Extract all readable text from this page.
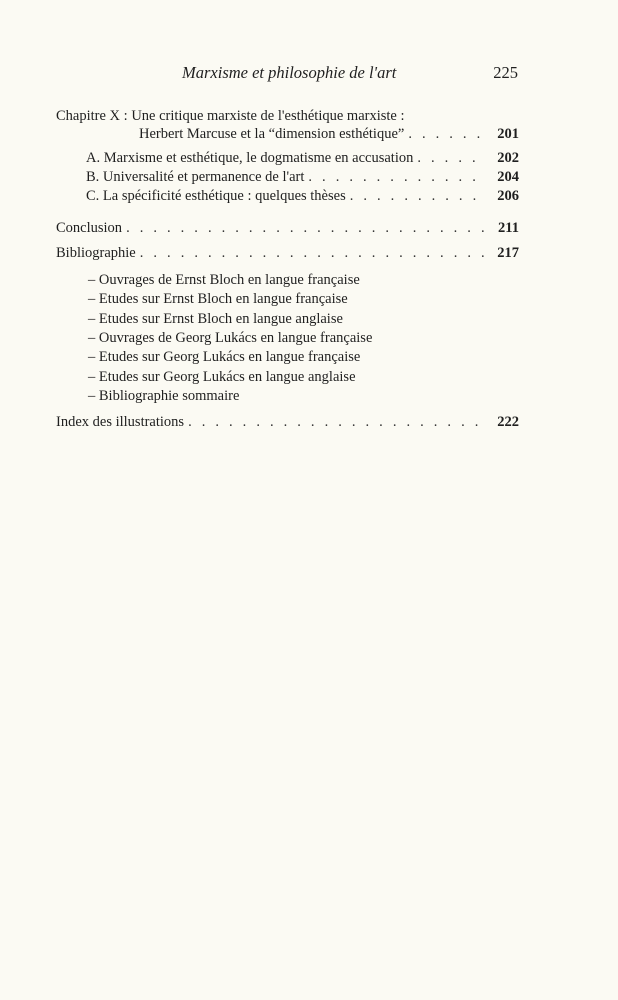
Marxisme et philosophie de l'art	225
Chapitre X : Une critique marxiste de l'esthétique marxiste :
Herbert Marcuse et la “dimension esthétique” . . .	201
A. Marxisme et esthétique, le dogmatisme en accusation . . .	202
B. Universalité et permanence de l'art . . .	204
C. La spécificité esthétique : quelques thèses . . .	206
Conclusion . . .	211
Bibliographie . . .	217
– Ouvrages de Ernst Bloch en langue française
– Etudes sur Ernst Bloch en langue française
– Etudes sur Ernst Bloch en langue anglaise
– Ouvrages de Georg Lukács en langue française
– Etudes sur Georg Lukács en langue française
– Etudes sur Georg Lukács en langue anglaise
– Bibliographie sommaire
Index des illustrations . . .	222
